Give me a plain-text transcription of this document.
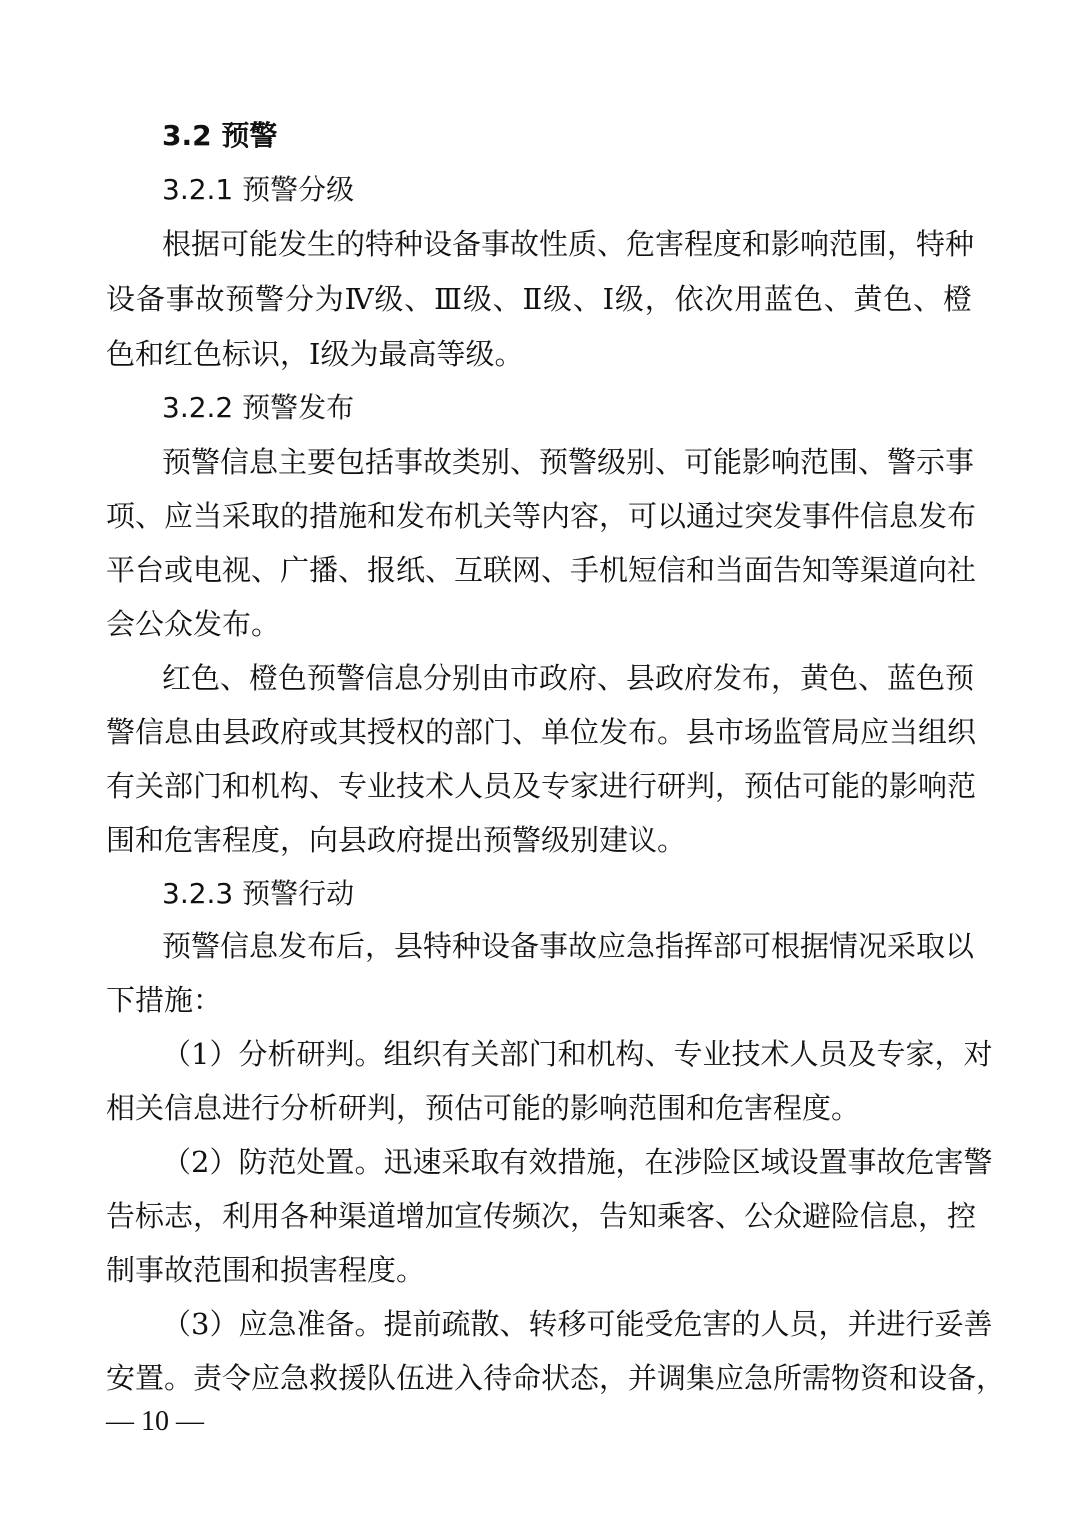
3.2 预警
3.2.1 预警分级
根据可能发生的特种设备事故性质、危害程度和影响范围，特种
设备事故预警分为Ⅳ级、Ⅲ级、Ⅱ级、Ⅰ级，依次用蓝色、黄色、橙
色和红色标识，Ⅰ级为最高等级。
3.2.2 预警发布
预警信息主要包括事故类别、预警级别、可能影响范围、警示事
项、应当采取的措施和发布机关等内容，可以通过突发事件信息发布
平台或电视、广播、报纸、互联网、手机短信和当面告知等渠道向社
会公众发布。
红色、橙色预警信息分别由市政府、县政府发布，黄色、蓝色预
警信息由县政府或其授权的部门、单位发布。县市场监管局应当组织
有关部门和机构、专业技术人员及专家进行研判，预估可能的影响范
围和危害程度，向县政府提出预警级别建议。
3.2.3 预警行动
预警信息发布后，县特种设备事故应急指挥部可根据情况采取以
下措施：
（1）分析研判。组织有关部门和机构、专业技术人员及专家，对
相关信息进行分析研判，预估可能的影响范围和危害程度。
（2）防范处置。迅速采取有效措施，在涉险区域设置事故危害警
告标志，利用各种渠道增加宣传频次，告知乘客、公众避险信息，控
制事故范围和损害程度。
（3）应急准备。提前疏散、转移可能受危害的人员，并进行妥善
安置。责令应急救援队伍进入待命状态，并调集应急所需物资和设备，
— 10 —
